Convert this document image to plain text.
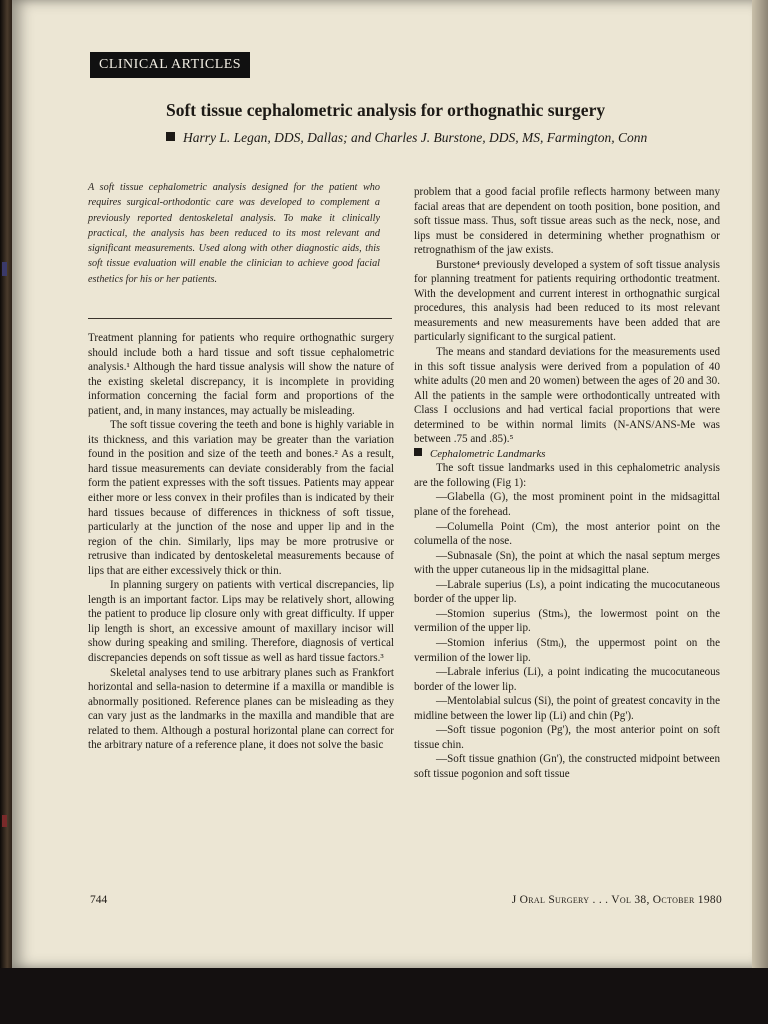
CLINICAL ARTICLES
Soft tissue cephalometric analysis for orthognathic surgery
Harry L. Legan, DDS, Dallas; and Charles J. Burstone, DDS, MS, Farmington, Conn
A soft tissue cephalometric analysis designed for the patient who requires surgical-orthodontic care was developed to complement a previously reported dentoskeletal analysis. To make it clinically practical, the analysis has been reduced to its most relevant and significant measurements. Used along with other diagnostic aids, this soft tissue evaluation will enable the clinician to achieve good facial esthetics for his or her patients.

Treatment planning for patients who require orthognathic surgery should include both a hard tissue and soft tissue cephalometric analysis.¹ Although the hard tissue analysis will show the nature of the existing skeletal discrepancy, it is incomplete in providing information concerning the facial form and proportions of the patient, and, in many instances, may actually be misleading.

The soft tissue covering the teeth and bone is highly variable in its thickness, and this variation may be greater than the variation found in the position and size of the teeth and bones.² As a result, hard tissue measurements can deviate considerably from the facial form the patient expresses with the soft tissues. Patients may appear either more or less convex in their profiles than is indicated by their hard tissues because of differences in thickness of soft tissue, particularly at the junction of the nose and upper lip and in the region of the chin. Similarly, lips may be more protrusive or retrusive than indicated by dentoskeletal measurements because of lips that are either excessively thick or thin.

In planning surgery on patients with vertical discrepancies, lip length is an important factor. Lips may be relatively short, allowing the patient to produce lip closure only with great difficulty. If upper lip length is short, an excessive amount of maxillary incisor will show during speaking and smiling. Therefore, diagnosis of vertical discrepancies depends on soft tissue as well as hard tissue factors.³

Skeletal analyses tend to use arbitrary planes such as Frankfort horizontal and sella-nasion to determine if a maxilla or mandible is abnormally positioned. Reference planes can be misleading as they can vary just as the landmarks in the maxilla and mandible that are related to them. Although a postural horizontal plane can correct for the arbitrary nature of a reference plane, it does not solve the basic

problem that a good facial profile reflects harmony between many facial areas that are dependent on tooth position, bone position, and soft tissue mass. Thus, soft tissue areas such as the neck, nose, and lips must be considered in determining whether prognathism or retrognathism of the jaw exists.

Burstone⁴ previously developed a system of soft tissue analysis for planning treatment for patients requiring orthodontic treatment. With the development and current interest in orthognathic surgical procedures, this analysis had been reduced to its most relevant measurements and new measurements have been added that are particularly significant to the surgical patient.

The means and standard deviations for the measurements used in this soft tissue analysis were derived from a population of 40 white adults (20 men and 20 women) between the ages of 20 and 30. All the patients in the sample were orthodontically untreated with Class I occlusions and had vertical facial proportions that were determined to be within normal limits (N-ANS/ANS-Me was between .75 and .85).⁵

Cephalometric Landmarks

The soft tissue landmarks used in this cephalometric analysis are the following (Fig 1):

—Glabella (G), the most prominent point in the midsagittal plane of the forehead.

—Columella Point (Cm), the most anterior point on the columella of the nose.

—Subnasale (Sn), the point at which the nasal septum merges with the upper cutaneous lip in the midsagittal plane.

—Labrale superius (Ls), a point indicating the mucocutaneous border of the upper lip.

—Stomion superius (Stmₛ), the lowermost point on the vermilion of the upper lip.

—Stomion inferius (Stmᵢ), the uppermost point on the vermilion of the lower lip.

—Labrale inferius (Li), a point indicating the mucocutaneous border of the lower lip.

—Mentolabial sulcus (Si), the point of greatest concavity in the midline between the lower lip (Li) and chin (Pg').

—Soft tissue pogonion (Pg'), the most anterior point on soft tissue chin.

—Soft tissue gnathion (Gn'), the constructed midpoint between soft tissue pogonion and soft tissue

744	J Oral Surgery . . . Vol 38, October 1980
